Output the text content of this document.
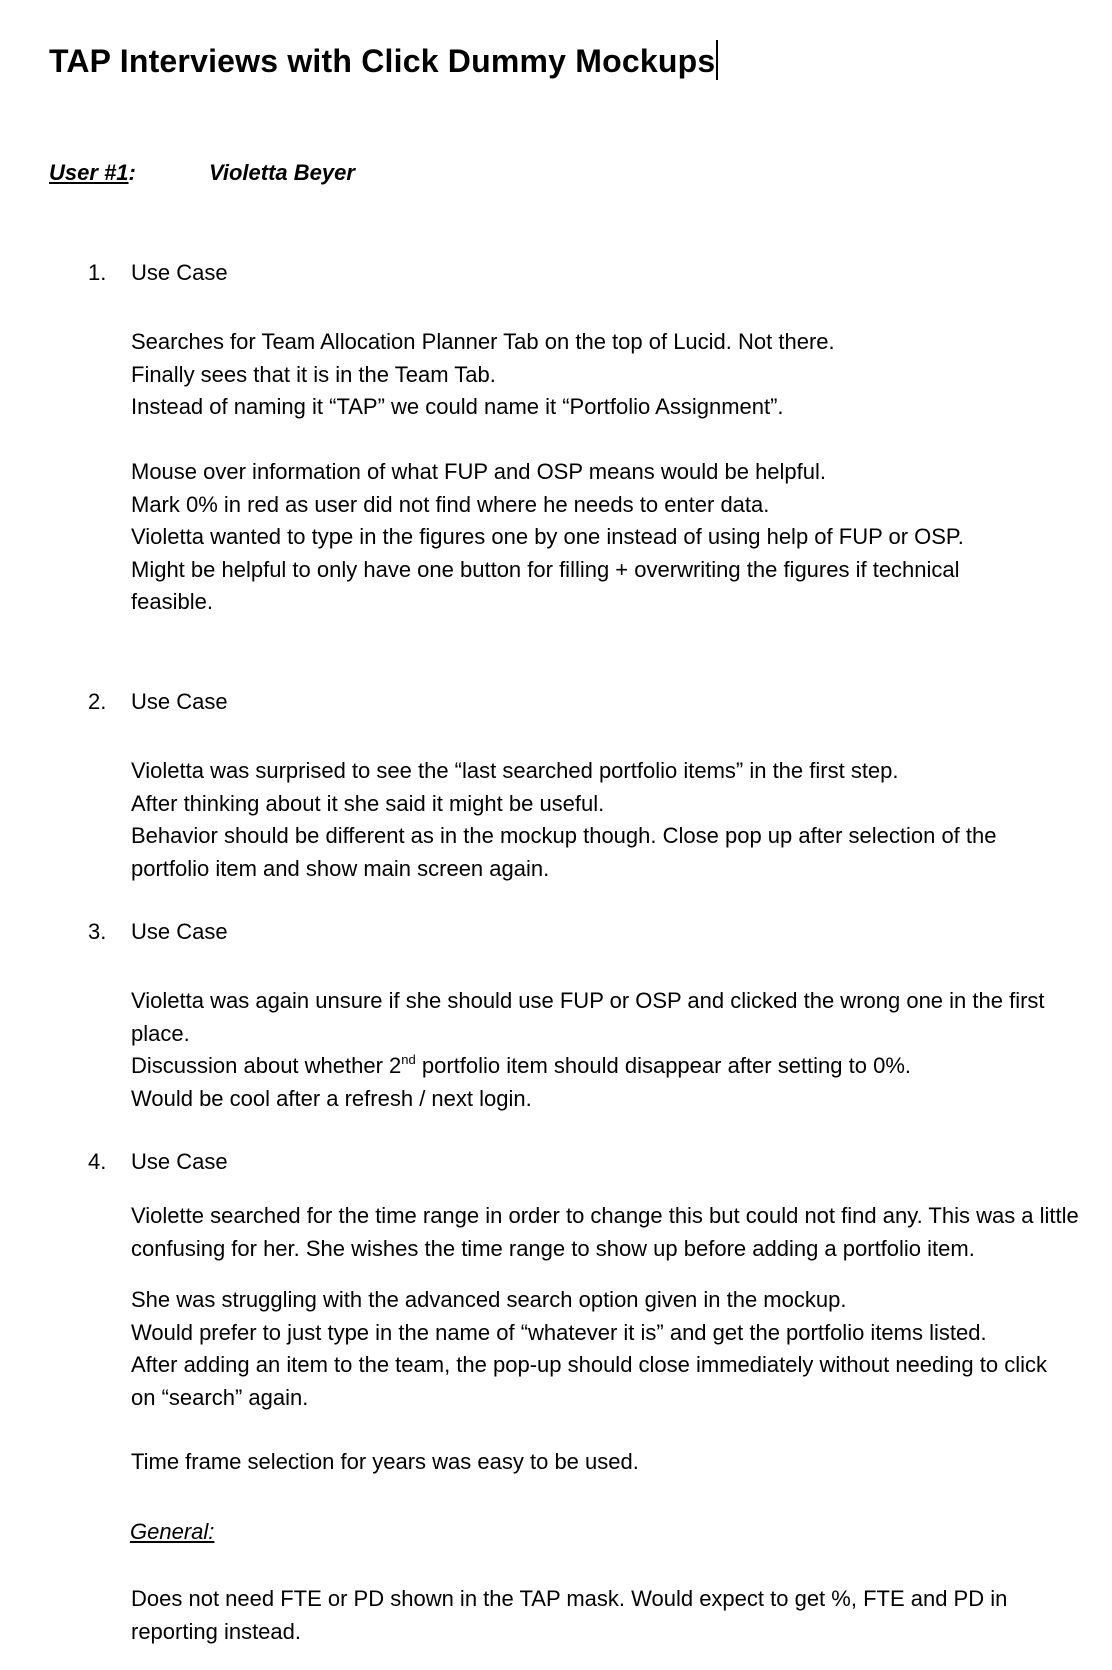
TAP Interviews with Click Dummy Mockups
User #1:	Violetta Beyer
1. Use Case

Searches for Team Allocation Planner Tab on the top of Lucid. Not there.

Finally sees that it is in the Team Tab.

Instead of naming it “TAP” we could name it “Portfolio Assignment”.

Mouse over information of what FUP and OSP means would be helpful.

Mark 0% in red as user did not find where he needs to enter data.

Violetta wanted to type in the figures one by one instead of using help of FUP or OSP.

Might be helpful to only have one button for filling + overwriting the figures if technical feasible.

2. Use Case

Violetta was surprised to see the “last searched portfolio items” in the first step.

After thinking about it she said it might be useful.

Behavior should be different as in the mockup though. Close pop up after selection of the portfolio item and show main screen again.

3. Use Case

Violetta was again unsure if she should use FUP or OSP and clicked the wrong one in the first place.

Discussion about whether 2nd portfolio item should disappear after setting to 0%.

Would be cool after a refresh / next login.

4. Use Case

Violette searched for the time range in order to change this but could not find any. This was a little confusing for her. She wishes the time range to show up before adding a portfolio item.

She was struggling with the advanced search option given in the mockup.

Would prefer to just type in the name of “whatever it is” and get the portfolio items listed.

After adding an item to the team, the pop-up should close immediately without needing to click on “search” again.

Time frame selection for years was easy to be used.

General:

Does not need FTE or PD shown in the TAP mask. Would expect to get %, FTE and PD in reporting instead.
